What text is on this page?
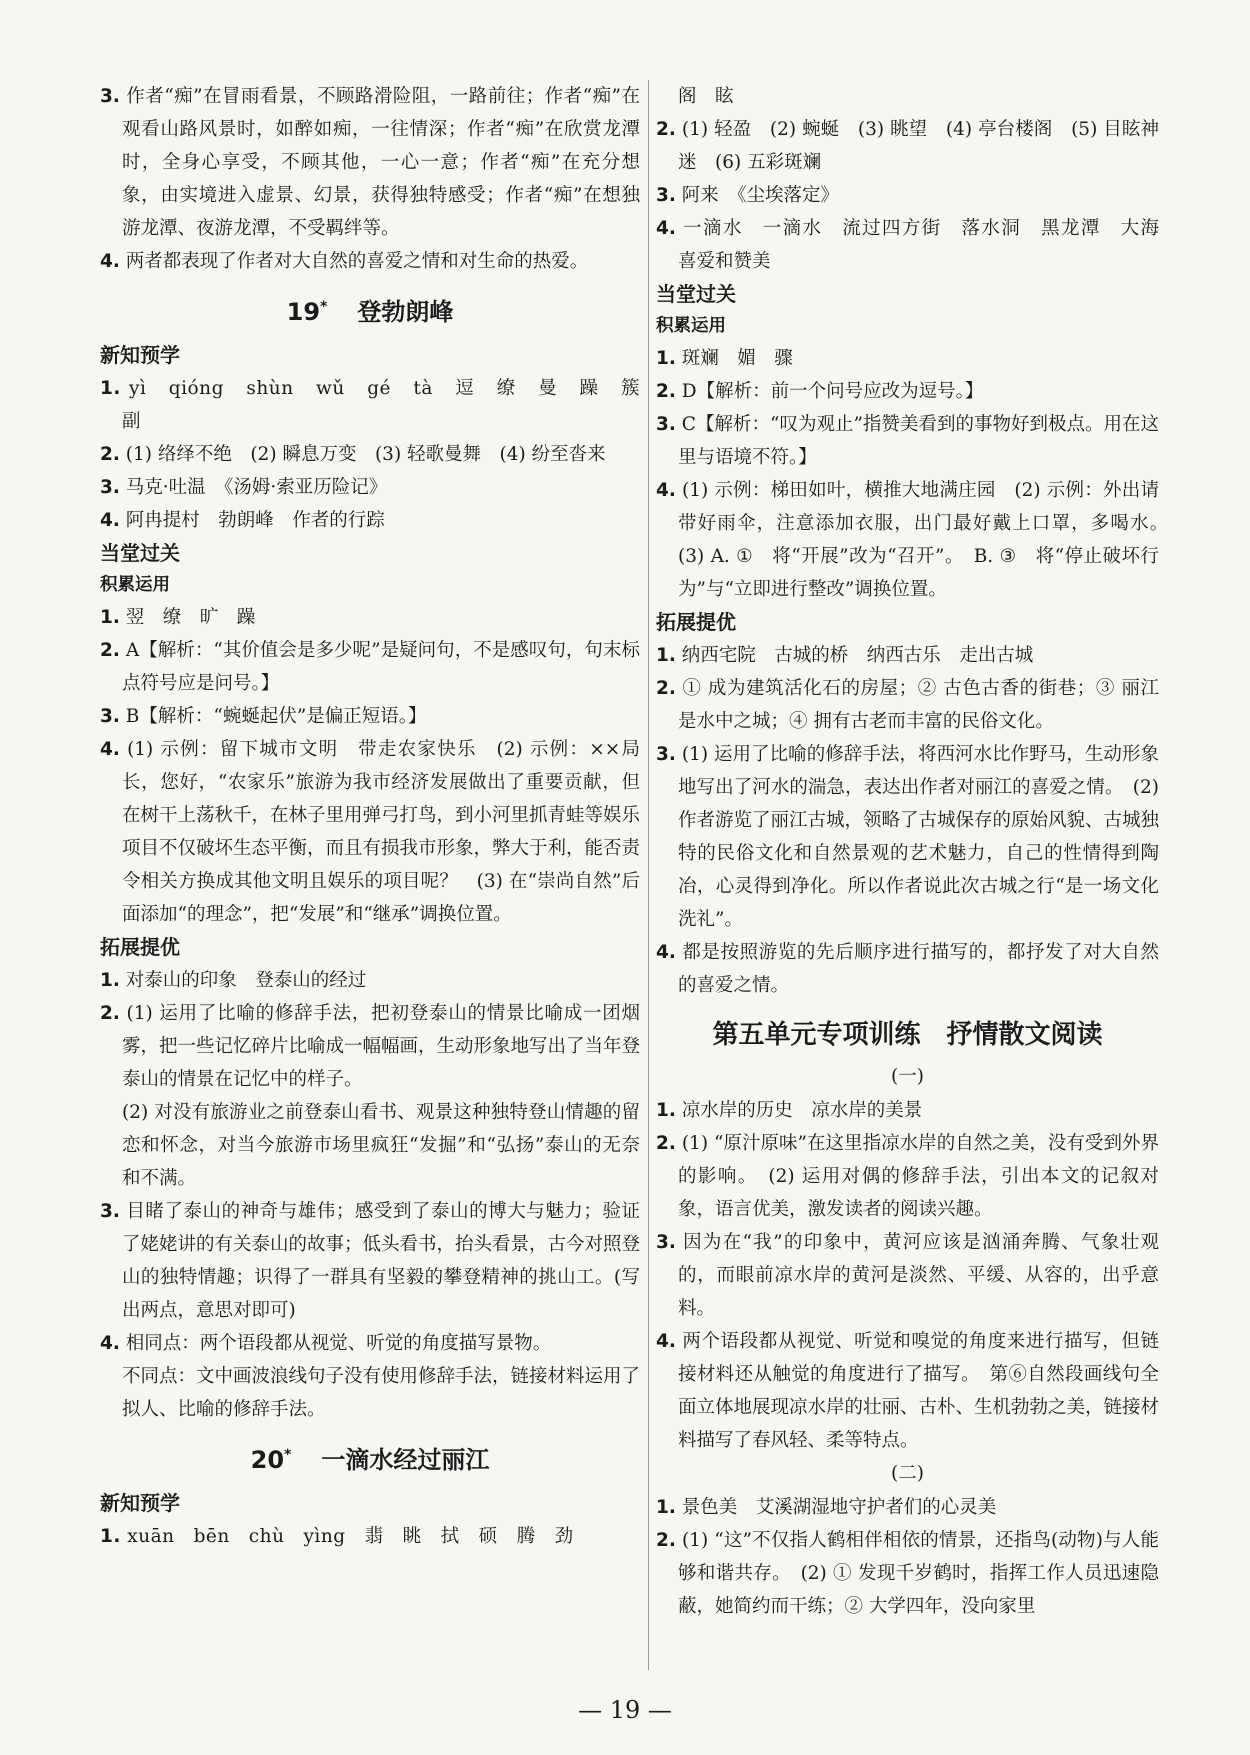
3. 作者“痴”在冒雨看景，不顾路滑险阻，一路前往；作者“痴”在观看山路风景时，如醉如痴，一往情深；作者“痴”在欣赏龙潭时，全身心享受，不顾其他，一心一意；作者“痴”在充分想象，由实境进入虚景、幻景，获得独特感受；作者“痴”在想独游龙潭、夜游龙潭，不受羁绊等。

4. 两者都表现了作者对大自然的喜爱之情和对生命的热爱。

19* 登勃朗峰

新知预学

1. yì　qióng　shùn　wǔ　gé　tà　逗　缭　曼　躁　簇　副

2. (1) 络绎不绝　(2) 瞬息万变　(3) 轻歌曼舞　(4) 纷至沓来

3. 马克·吐温　《汤姆·索亚历险记》

4. 阿冉提村　勃朗峰　作者的行踪

当堂过关

积累运用

1. 翌　缭　旷　躁

2. A【解析：“其价值会是多少呢”是疑问句，不是感叹句，句末标点符号应是问号。】

3. B【解析：“蜿蜒起伏”是偏正短语。】

4. (1) 示例：留下城市文明　带走农家快乐　(2) 示例：××局长，您好，“农家乐”旅游为我市经济发展做出了重要贡献，但在树干上荡秋千，在林子里用弹弓打鸟，到小河里抓青蛙等娱乐项目不仅破坏生态平衡，而且有损我市形象，弊大于利，能否责令相关方换成其他文明且娱乐的项目呢？　(3) 在“崇尚自然”后面添加“的理念”，把“发展”和“继承”调换位置。

拓展提优

1. 对泰山的印象　登泰山的经过

2. (1) 运用了比喻的修辞手法，把初登泰山的情景比喻成一团烟雾，把一些记忆碎片比喻成一幅幅画，生动形象地写出了当年登泰山的情景在记忆中的样子。

(2) 对没有旅游业之前登泰山看书、观景这种独特登山情趣的留恋和怀念，对当今旅游市场里疯狂“发掘”和“弘扬”泰山的无奈和不满。

3. 目睹了泰山的神奇与雄伟；感受到了泰山的博大与魅力；验证了姥姥讲的有关泰山的故事；低头看书，抬头看景，古今对照登山的独特情趣；识得了一群具有坚毅的攀登精神的挑山工。(写出两点，意思对即可)

4. 相同点：两个语段都从视觉、听觉的角度描写景物。

不同点：文中画波浪线句子没有使用修辞手法，链接材料运用了拟人、比喻的修辞手法。

20* 一滴水经过丽江

新知预学

1. xuān　bēn　chù　yìng　翡　眺　拭　硕　腾　劲

阁　眩

2. (1) 轻盈　(2) 蜿蜒　(3) 眺望　(4) 亭台楼阁　(5) 目眩神迷　(6) 五彩斑斓

3. 阿来　《尘埃落定》

4. 一滴水　一滴水　流过四方街　落水洞　黑龙潭　大海　喜爱和赞美

当堂过关

积累运用

1. 斑斓　媚　骤

2. D【解析：前一个问号应改为逗号。】

3. C【解析：“叹为观止”指赞美看到的事物好到极点。用在这里与语境不符。】

4. (1) 示例：梯田如叶，横推大地满庄园　(2) 示例：外出请带好雨伞，注意添加衣服，出门最好戴上口罩，多喝水。　(3) A. ①　将“开展”改为“召开”。　B. ③　将“停止破坏行为”与“立即进行整改”调换位置。

拓展提优

1. 纳西宅院　古城的桥　纳西古乐　走出古城

2. ① 成为建筑活化石的房屋；② 古色古香的街巷；③ 丽江是水中之城；④ 拥有古老而丰富的民俗文化。

3. (1) 运用了比喻的修辞手法，将西河水比作野马，生动形象地写出了河水的湍急，表达出作者对丽江的喜爱之情。　(2) 作者游览了丽江古城，领略了古城保存的原始风貌、古城独特的民俗文化和自然景观的艺术魅力，自己的性情得到陶冶，心灵得到净化。所以作者说此次古城之行“是一场文化洗礼”。

4. 都是按照游览的先后顺序进行描写的，都抒发了对大自然的喜爱之情。

第五单元专项训练　抒情散文阅读

(一)

1. 凉水岸的历史　凉水岸的美景

2. (1) “原汁原味”在这里指凉水岸的自然之美，没有受到外界的影响。　(2) 运用对偶的修辞手法，引出本文的记叙对象，语言优美，激发读者的阅读兴趣。

3. 因为在“我”的印象中，黄河应该是汹涌奔腾、气象壮观的，而眼前凉水岸的黄河是淡然、平缓、从容的，出乎意料。

4. 两个语段都从视觉、听觉和嗅觉的角度来进行描写，但链接材料还从触觉的角度进行了描写。　第⑥自然段画线句全面立体地展现凉水岸的壮丽、古朴、生机勃勃之美，链接材料描写了春风轻、柔等特点。

(二)

1. 景色美　艾溪湖湿地守护者们的心灵美

2. (1) “这”不仅指人鹤相伴相依的情景，还指鸟(动物)与人能够和谐共存。　(2) ① 发现千岁鹤时，指挥工作人员迅速隐蔽，她简约而干练；② 大学四年，没向家里

— 19 —
